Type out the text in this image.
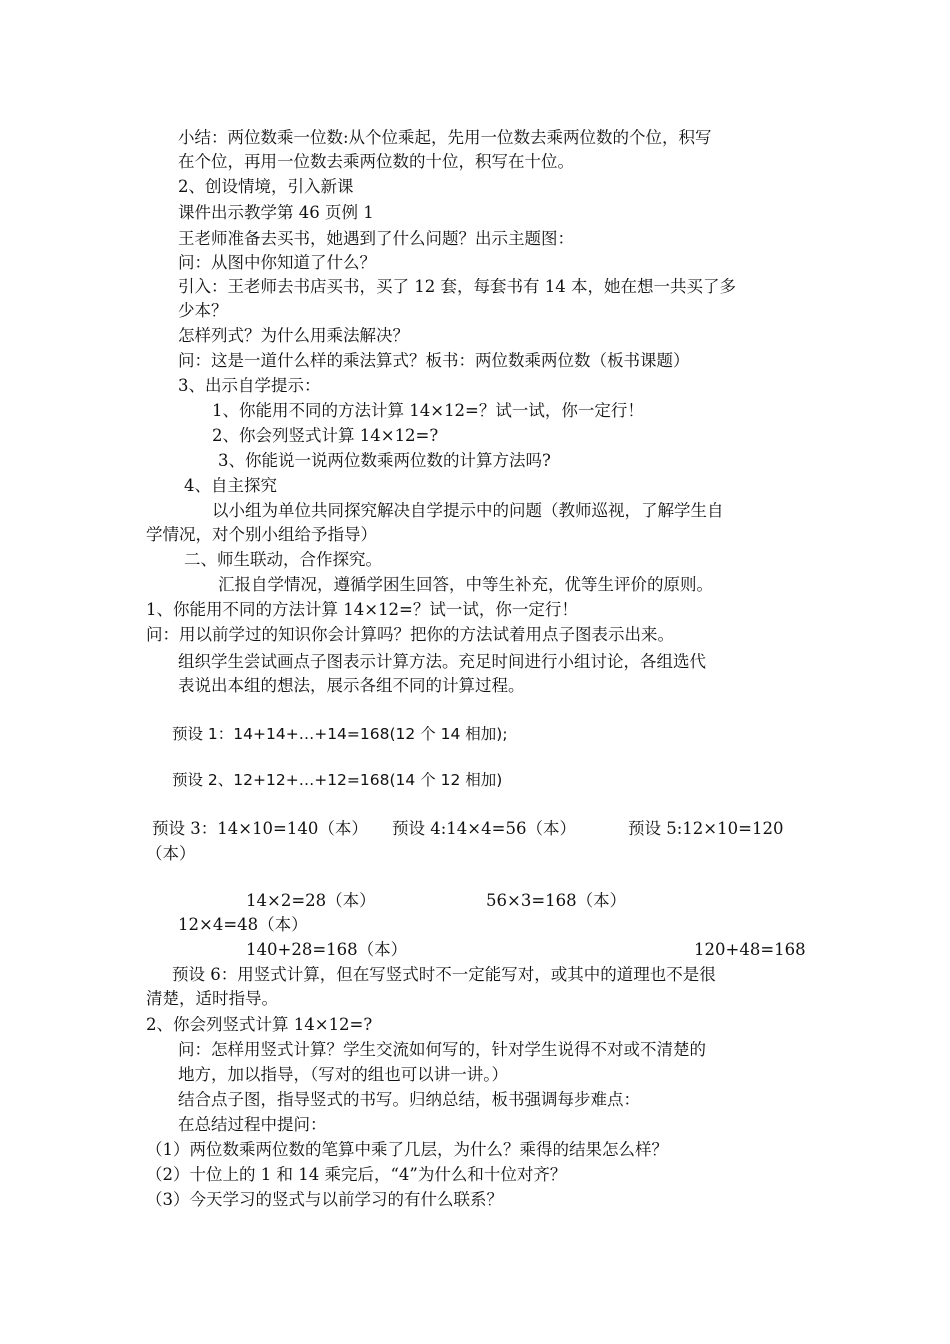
小结：两位数乘一位数:从个位乘起，先用一位数去乘两位数的个位，积写
在个位，再用一位数去乘两位数的十位，积写在十位。
2、创设情境，引入新课
课件出示教学第 46 页例 1
王老师准备去买书，她遇到了什么问题？出示主题图：
问：从图中你知道了什么？
引入：王老师去书店买书，买了 12 套，每套书有 14 本，她在想一共买了多
少本？
怎样列式？为什么用乘法解决？
问：这是一道什么样的乘法算式？板书：两位数乘两位数（板书课题）
3、出示自学提示：
1、你能用不同的方法计算 14×12=？试一试，你一定行！
2、你会列竖式计算 14×12=?
3、你能说一说两位数乘两位数的计算方法吗?
4、自主探究
以小组为单位共同探究解决自学提示中的问题（教师巡视，了解学生自
学情况，对个别小组给予指导）
二、师生联动，合作探究。
汇报自学情况，遵循学困生回答，中等生补充，优等生评价的原则。
1、你能用不同的方法计算 14×12=？试一试，你一定行！
问：用以前学过的知识你会计算吗？把你的方法试着用点子图表示出来。
组织学生尝试画点子图表示计算方法。充足时间进行小组讨论，各组选代
表说出本组的想法，展示各组不同的计算过程。
预设 1：14+14+…+14=168(12 个 14 相加);
预设 2、12+12+…+12=168(14 个 12 相加)
预设 3：14×10=140（本） 预设 4:14×4=56（本）	预设 5:12×10=120
（本）
14×2=28（本）	56×3=168（本）
12×4=48（本）
140+28=168（本）	120+48=168
预设 6：用竖式计算，但在写竖式时不一定能写对，或其中的道理也不是很
清楚，适时指导。
2、你会列竖式计算 14×12=?
问：怎样用竖式计算？学生交流如何写的，针对学生说得不对或不清楚的
地方，加以指导，（写对的组也可以讲一讲。）
结合点子图，指导竖式的书写。归纳总结，板书强调每步难点：
在总结过程中提问：
（1）两位数乘两位数的笔算中乘了几层，为什么？乘得的结果怎么样？
（2）十位上的 1 和 14 乘完后，“4”为什么和十位对齐？
（3）今天学习的竖式与以前学习的有什么联系？
